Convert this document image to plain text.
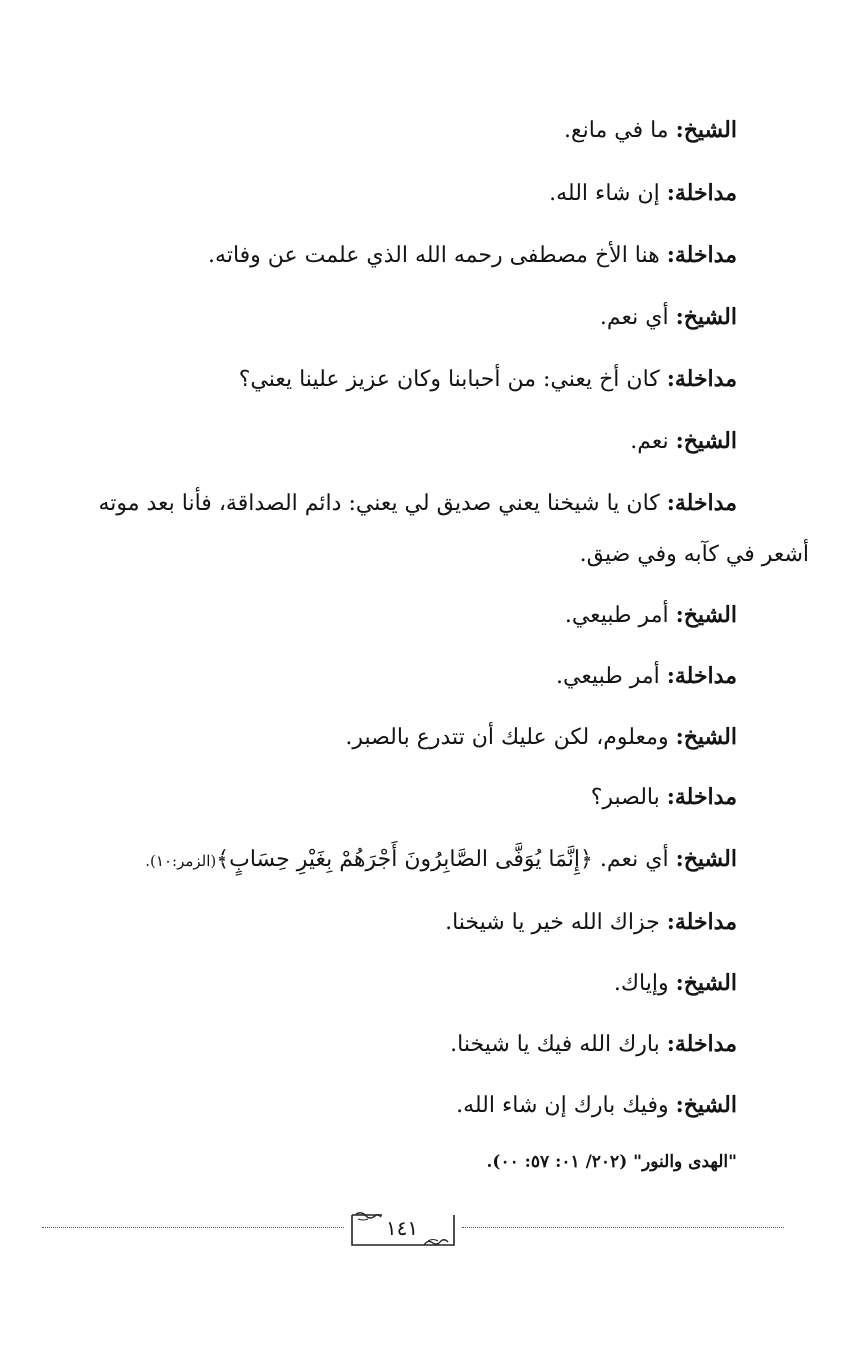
الشيخ: ما في مانع.
مداخلة: إن شاء الله.
مداخلة: هنا الأخ مصطفى رحمه الله الذي علمت عن وفاته.
الشيخ: أي نعم.
مداخلة: كان أخ يعني: من أحبابنا وكان عزيز علينا يعني؟
الشيخ: نعم.
مداخلة: كان يا شيخنا يعني صديق لي يعني: دائم الصداقة، فأنا بعد موته
أشعر في كآبه وفي ضيق.
الشيخ: أمر طبيعي.
مداخلة: أمر طبيعي.
الشيخ: ومعلوم، لكن عليك أن تتدرع بالصبر.
مداخلة: بالصبر؟
الشيخ: أي نعم. ﴿إِنَّمَا يُوَفَّى الصَّابِرُونَ أَجْرَهُمْ بِغَيْرِ حِسَابٍ﴾(الزمر:١٠).
مداخلة: جزاك الله خير يا شيخنا.
الشيخ: وإياك.
مداخلة: بارك الله فيك يا شيخنا.
الشيخ: وفيك بارك إن شاء الله.
"الهدى والنور" (٢٠٢/ ٠١: ٥٧: ٠٠).
١٤١
